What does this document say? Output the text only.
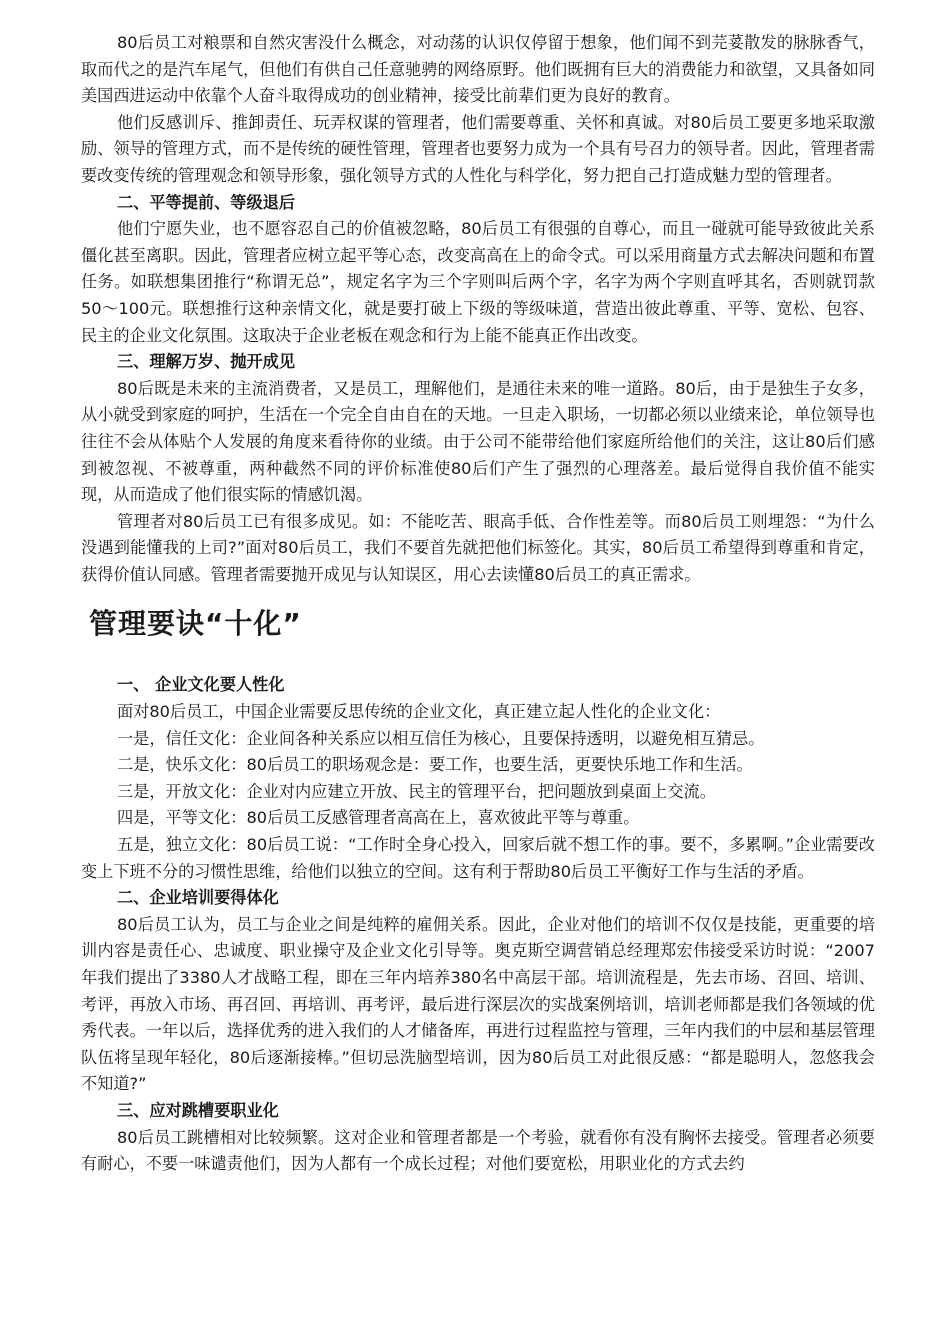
80后员工对粮票和自然灾害没什么概念，对动荡的认识仅停留于想象，他们闻不到芫荽散发的脉脉香气，取而代之的是汽车尾气，但他们有供自己任意驰骋的网络原野。他们既拥有巨大的消费能力和欲望，又具备如同美国西进运动中依靠个人奋斗取得成功的创业精神，接受比前辈们更为良好的教育。

他们反感训斥、推卸责任、玩弄权谋的管理者，他们需要尊重、关怀和真诚。对80后员工要更多地采取激励、领导的管理方式，而不是传统的硬性管理，管理者也要努力成为一个具有号召力的领导者。因此，管理者需要改变传统的管理观念和领导形象，强化领导方式的人性化与科学化，努力把自己打造成魅力型的管理者。

二、平等提前、等级退后

他们宁愿失业，也不愿容忍自己的价值被忽略，80后员工有很强的自尊心，而且一碰就可能导致彼此关系僵化甚至离职。因此，管理者应树立起平等心态，改变高高在上的命令式。可以采用商量方式去解决问题和布置任务。如联想集团推行“称谓无总”，规定名字为三个字则叫后两个字，名字为两个字则直呼其名，否则就罚款50～100元。联想推行这种亲情文化，就是要打破上下级的等级味道，营造出彼此尊重、平等、宽松、包容、民主的企业文化氛围。这取决于企业老板在观念和行为上能不能真正作出改变。

三、理解万岁、抛开成见

80后既是未来的主流消费者，又是员工，理解他们，是通往未来的唯一道路。80后，由于是独生子女多，从小就受到家庭的呵护，生活在一个完全自由自在的天地。一旦走入职场，一切都必须以业绩来论，单位领导也往往不会从体贴个人发展的角度来看待你的业绩。由于公司不能带给他们家庭所给他们的关注，这让80后们感到被忽视、不被尊重，两种截然不同的评价标准使80后们产生了强烈的心理落差。最后觉得自我价值不能实现，从而造成了他们很实际的情感饥渴。

管理者对80后员工已有很多成见。如：不能吃苦、眼高手低、合作性差等。而80后员工则埋怨：“为什么没遇到能懂我的上司?”面对80后员工，我们不要首先就把他们标签化。其实，80后员工希望得到尊重和肯定，获得价值认同感。管理者需要抛开成见与认知误区，用心去读懂80后员工的真正需求。

管理要诀“十化”

一、 企业文化要人性化

面对80后员工，中国企业需要反思传统的企业文化，真正建立起人性化的企业文化：

一是，信任文化：企业间各种关系应以相互信任为核心，且要保持透明，以避免相互猜忌。

二是，快乐文化：80后员工的职场观念是：要工作，也要生活，更要快乐地工作和生活。

三是，开放文化：企业对内应建立开放、民主的管理平台，把问题放到桌面上交流。

四是，平等文化：80后员工反感管理者高高在上，喜欢彼此平等与尊重。

五是，独立文化：80后员工说：“工作时全身心投入，回家后就不想工作的事。要不，多累啊。”企业需要改变上下班不分的习惯性思维，给他们以独立的空间。这有利于帮助80后员工平衡好工作与生活的矛盾。

二、企业培训要得体化

80后员工认为，员工与企业之间是纯粹的雇佣关系。因此，企业对他们的培训不仅仅是技能，更重要的培训内容是责任心、忠诚度、职业操守及企业文化引导等。奥克斯空调营销总经理郑宏伟接受采访时说：“2007年我们提出了3380人才战略工程，即在三年内培养380名中高层干部。培训流程是，先去市场、召回、培训、考评，再放入市场、再召回、再培训、再考评，最后进行深层次的实战案例培训，培训老师都是我们各领域的优秀代表。一年以后，选择优秀的进入我们的人才储备库，再进行过程监控与管理，三年内我们的中层和基层管理队伍将呈现年轻化，80后逐渐接棒。”但切忌洗脑型培训，因为80后员工对此很反感：“都是聪明人，忽悠我会不知道?”

三、应对跳槽要职业化

80后员工跳槽相对比较频繁。这对企业和管理者都是一个考验，就看你有没有胸怀去接受。管理者必须要有耐心，不要一味谴责他们，因为人都有一个成长过程；对他们要宽松，用职业化的方式去约
